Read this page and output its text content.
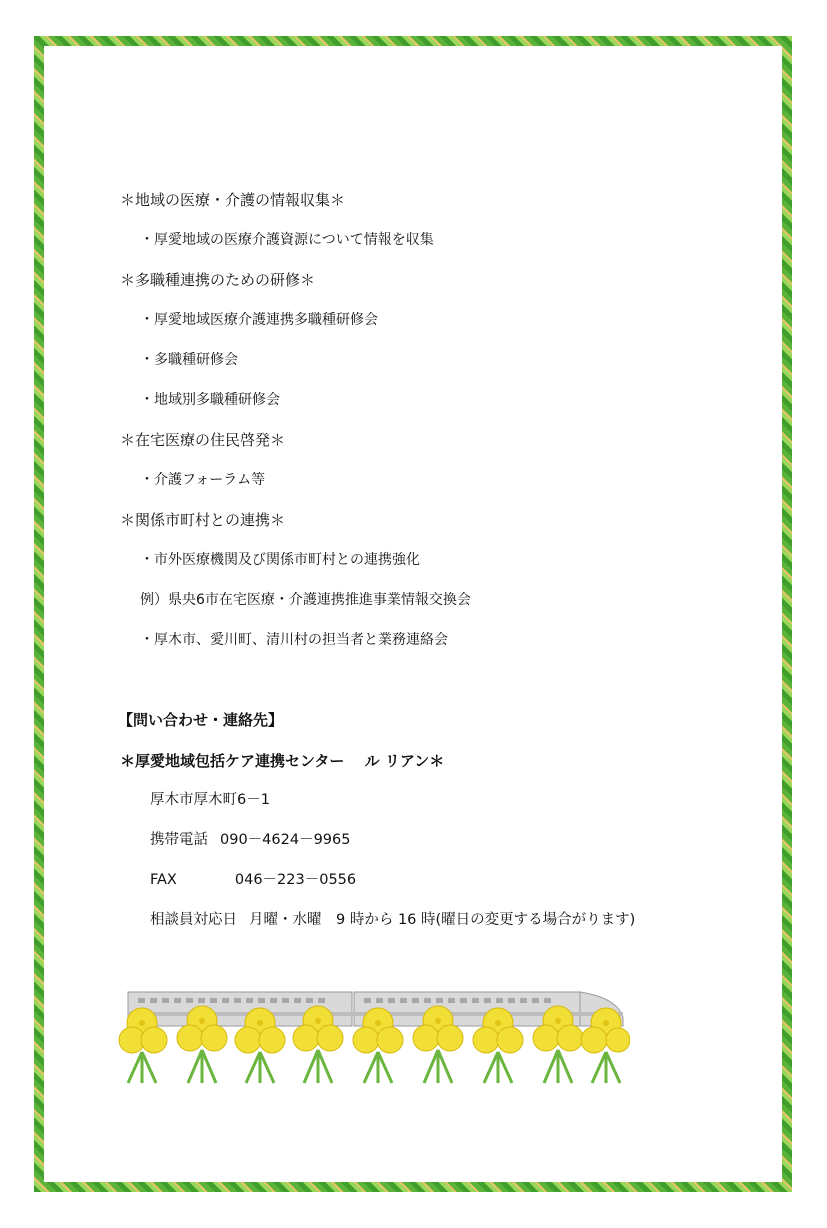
＊地域の医療・介護の情報収集＊
・厚愛地域の医療介護資源について情報を収集
＊多職種連携のための研修＊
・厚愛地域医療介護連携多職種研修会
・多職種研修会
・地域別多職種研修会
＊在宅医療の住民啓発＊
・介護フォーラム等
＊関係市町村との連携＊
・市外医療機関及び関係市町村との連携強化
例）県央6市在宅医療・介護連携推進事業情報交換会
・厚木市、愛川町、清川村の担当者と業務連絡会
【問い合わせ・連絡先】
＊厚愛地域包括ケア連携センター　 ル リアン＊
厚木市厚木町6－1
携帯電話 090－4624－9965
FAX	046－223－0556
相談員対応日 月曜・水曜　9 時から 16 時(曜日の変更する場合がります)
